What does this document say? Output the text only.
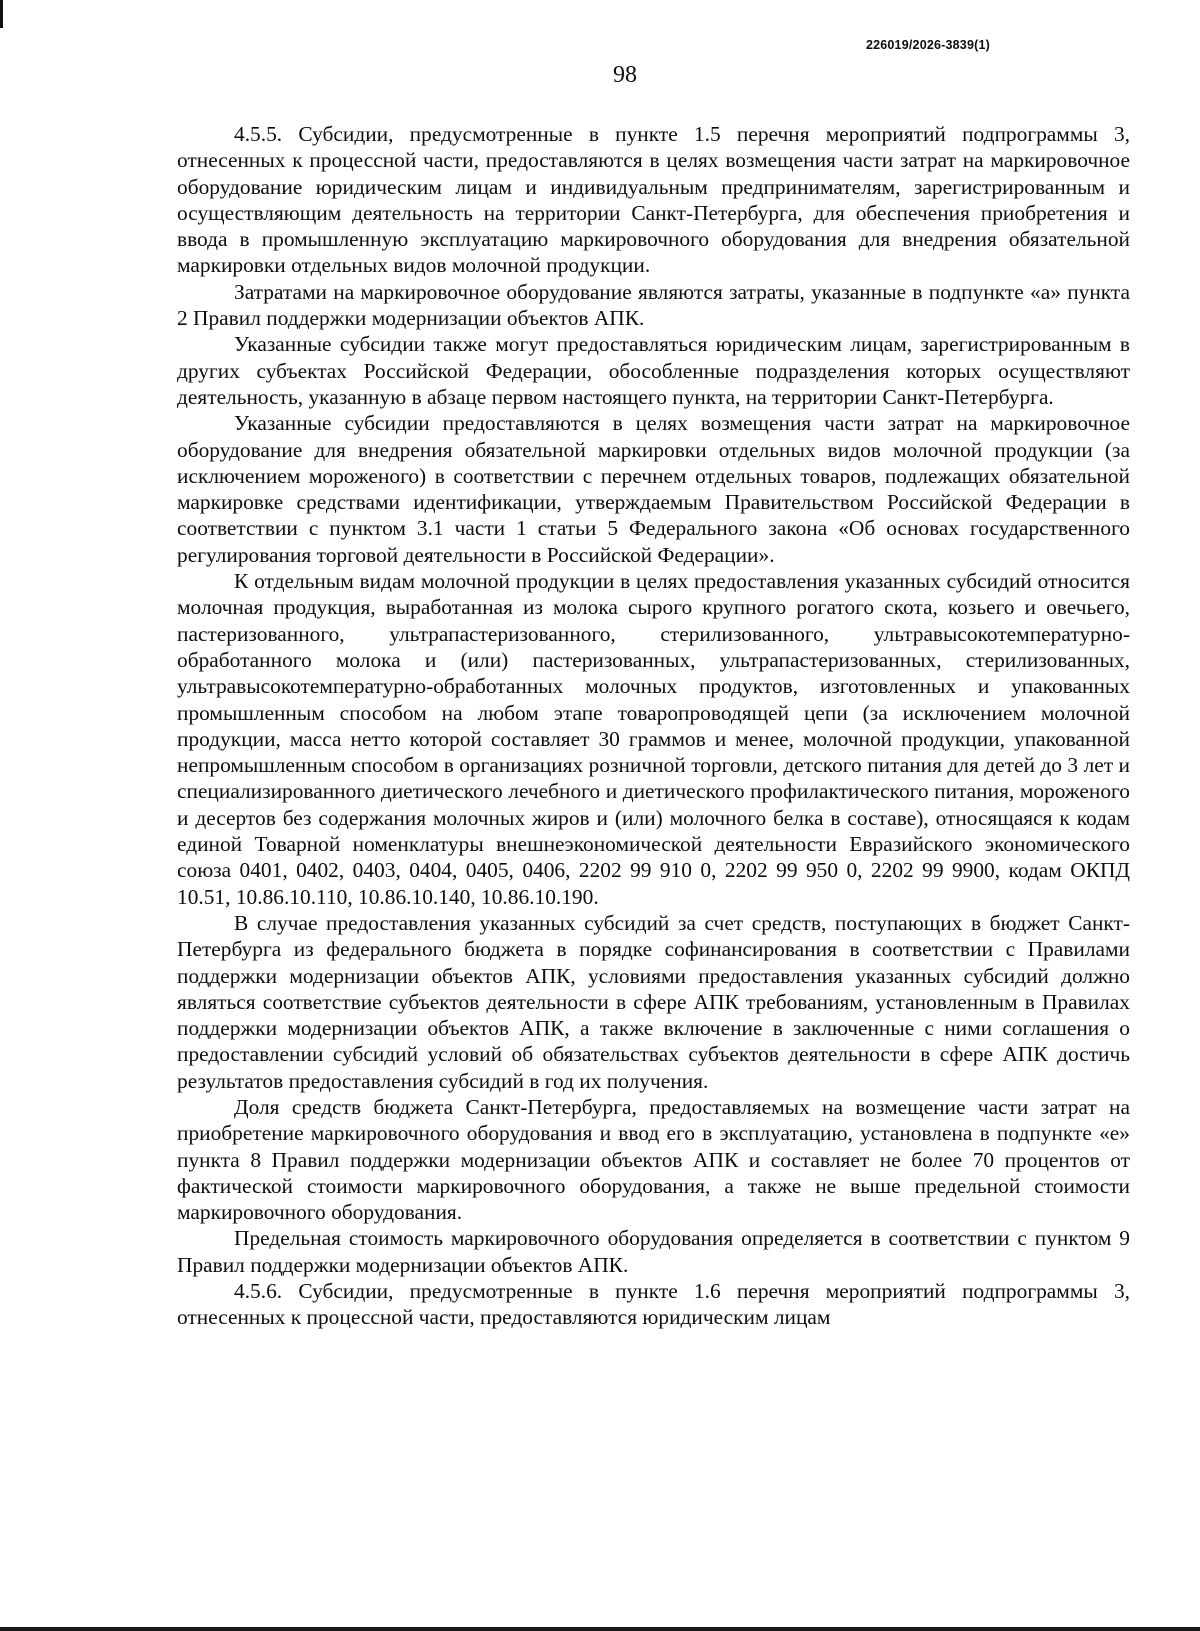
226019/2026-3839(1)
98

4.5.5. Субсидии, предусмотренные в пункте 1.5 перечня мероприятий подпрограммы 3, отнесенных к процессной части, предоставляются в целях возмещения части затрат на маркировочное оборудование юридическим лицам и индивидуальным предпринимателям, зарегистрированным и осуществляющим деятельность на территории Санкт-Петербурга, для обеспечения приобретения и ввода в промышленную эксплуатацию маркировочного оборудования для внедрения обязательной маркировки отдельных видов молочной продукции.

Затратами на маркировочное оборудование являются затраты, указанные в подпункте «а» пункта 2 Правил поддержки модернизации объектов АПК.

Указанные субсидии также могут предоставляться юридическим лицам, зарегистрированным в других субъектах Российской Федерации, обособленные подразделения которых осуществляют деятельность, указанную в абзаце первом настоящего пункта, на территории Санкт-Петербурга.

Указанные субсидии предоставляются в целях возмещения части затрат на маркировочное оборудование для внедрения обязательной маркировки отдельных видов молочной продукции (за исключением мороженого) в соответствии с перечнем отдельных товаров, подлежащих обязательной маркировке средствами идентификации, утверждаемым Правительством Российской Федерации в соответствии с пунктом 3.1 части 1 статьи 5 Федерального закона «Об основах государственного регулирования торговой деятельности в Российской Федерации».

К отдельным видам молочной продукции в целях предоставления указанных субсидий относится молочная продукция, выработанная из молока сырого крупного рогатого скота, козьего и овечьего, пастеризованного, ультрапастеризованного, стерилизованного, ультравысокотемпературно-обработанного молока и (или) пастеризованных, ультрапастеризованных, стерилизованных, ультравысокотемпературно-обработанных молочных продуктов, изготовленных и упакованных промышленным способом на любом этапе товаропроводящей цепи (за исключением молочной продукции, масса нетто которой составляет 30 граммов и менее, молочной продукции, упакованной непромышленным способом в организациях розничной торговли, детского питания для детей до 3 лет и специализированного диетического лечебного и диетического профилактического питания, мороженого и десертов без содержания молочных жиров и (или) молочного белка в составе), относящаяся к кодам единой Товарной номенклатуры внешнеэкономической деятельности Евразийского экономического союза 0401, 0402, 0403, 0404, 0405, 0406, 2202 99 910 0, 2202 99 950 0, 2202 99 9900, кодам ОКПД 10.51, 10.86.10.110, 10.86.10.140, 10.86.10.190.

В случае предоставления указанных субсидий за счет средств, поступающих в бюджет Санкт-Петербурга из федерального бюджета в порядке софинансирования в соответствии с Правилами поддержки модернизации объектов АПК, условиями предоставления указанных субсидий должно являться соответствие субъектов деятельности в сфере АПК требованиям, установленным в Правилах поддержки модернизации объектов АПК, а также включение в заключенные с ними соглашения о предоставлении субсидий условий об обязательствах субъектов деятельности в сфере АПК достичь результатов предоставления субсидий в год их получения.

Доля средств бюджета Санкт-Петербурга, предоставляемых на возмещение части затрат на приобретение маркировочного оборудования и ввод его в эксплуатацию, установлена в подпункте «е» пункта 8 Правил поддержки модернизации объектов АПК и составляет не более 70 процентов от фактической стоимости маркировочного оборудования, а также не выше предельной стоимости маркировочного оборудования.

Предельная стоимость маркировочного оборудования определяется в соответствии с пунктом 9 Правил поддержки модернизации объектов АПК.

4.5.6. Субсидии, предусмотренные в пункте 1.6 перечня мероприятий подпрограммы 3, отнесенных к процессной части, предоставляются юридическим лицам
